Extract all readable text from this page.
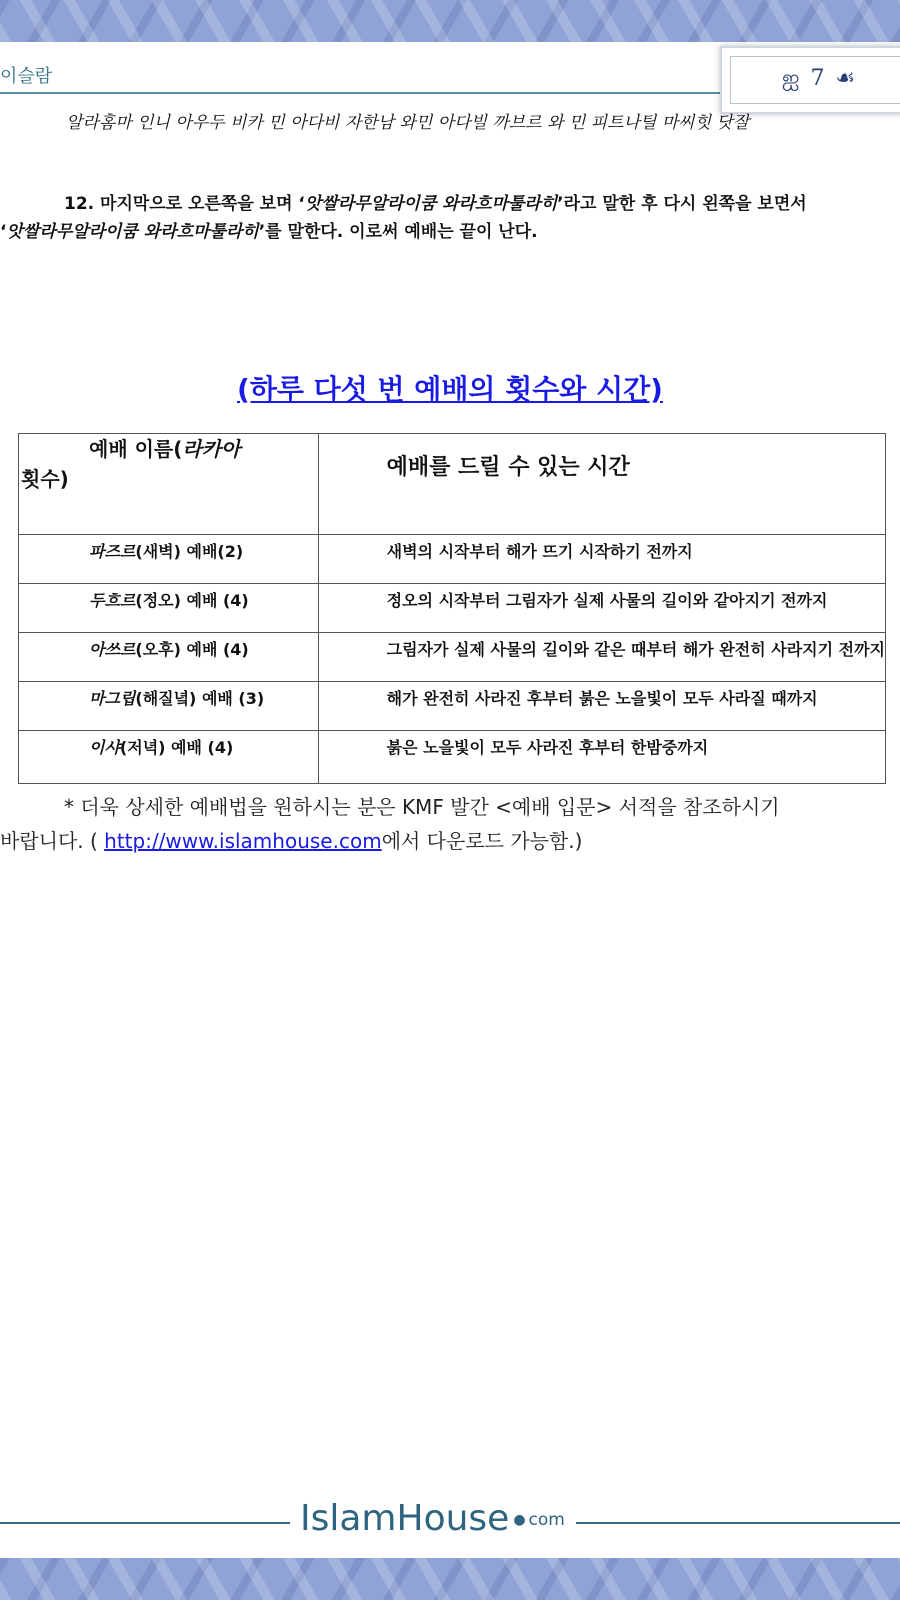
이슬람	ஐ 7 ☙
알라홈마 인니 아우두 비카 민 아다비 자한남 와민 아다빌 까브르 와 민 피트나틸 마씨힛 닷잘
12. 마지막으로 오른쪽을 보며 ‘앗쌀라무알라이쿰 와라흐마툴라히’라고 말한 후 다시 왼쪽을 보면서
‘앗쌀라무알라이쿰 와라흐마툴라히’를 말한다. 이로써 예배는 끝이 난다.
(하루 다섯 번 예배의 횟수와 시간)
예배 이름(라카아
횟수)	예배를 드릴 수 있는 시간
파즈르(새벽) 예배(2)	새벽의 시작부터 해가 뜨기 시작하기 전까지
두흐르(정오) 예배 (4)	정오의 시작부터 그림자가 실제 사물의 길이와 같아지기 전까지
아쓰르(오후) 예배 (4)	그림자가 실제 사물의 길이와 같은 때부터 해가 완전히 사라지기 전까지
마그립(해질녘) 예배 (3)	해가 완전히 사라진 후부터 붉은 노을빛이 모두 사라질 때까지
이샤(저녁) 예배 (4)	붉은 노을빛이 모두 사라진 후부터 한밤중까지
* 더욱 상세한 예배법을 원하시는 분은 KMF 발간 <예배 입문> 서적을 참조하시기
바랍니다. ( http://www.islamhouse.com에서 다운로드 가능함.)
IslamHouse ● com
